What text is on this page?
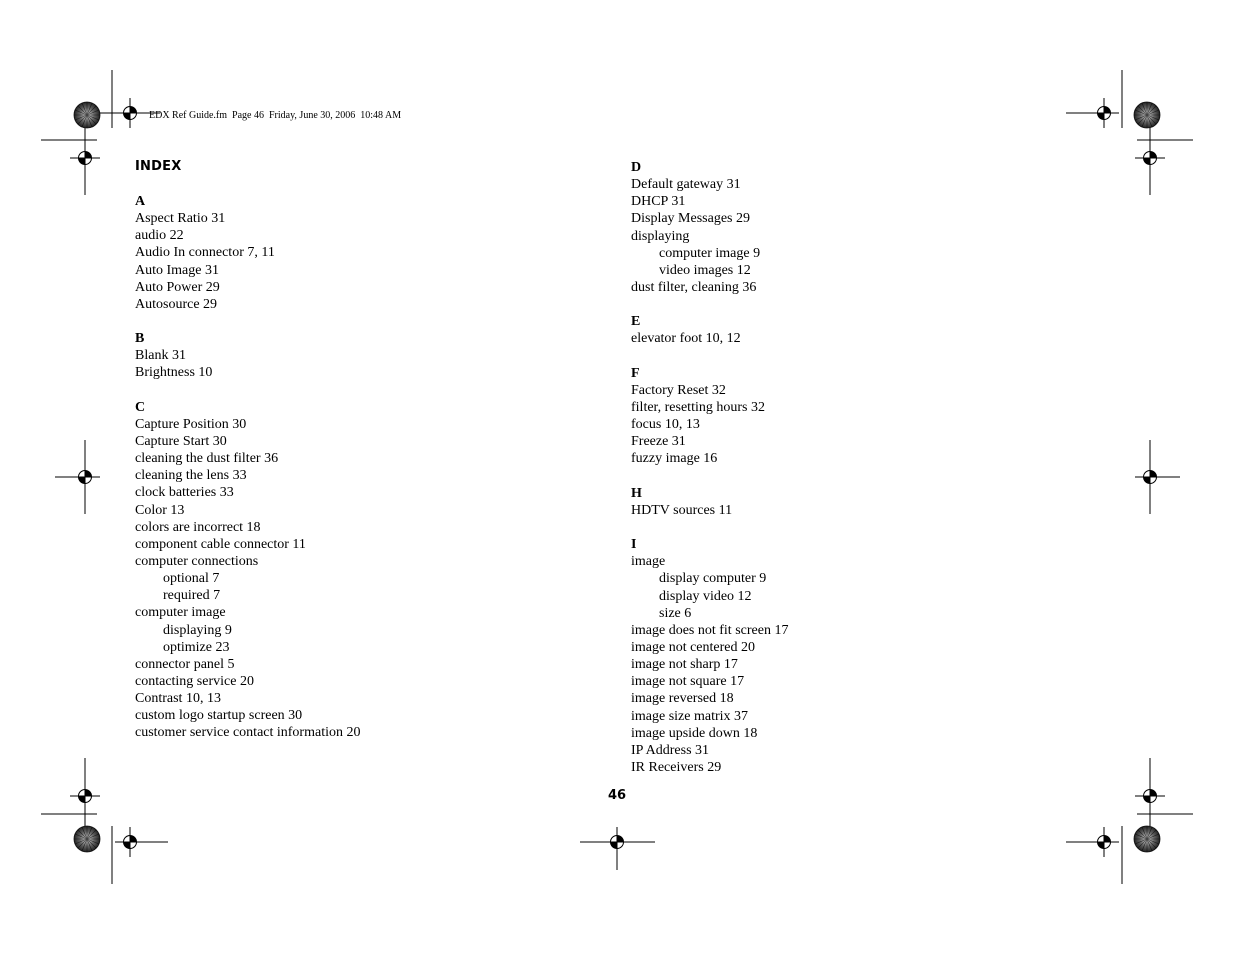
EDX Ref Guide.fm  Page 46  Friday, June 30, 2006  10:48 AM
INDEX
A
Aspect Ratio 31
audio 22
Audio In connector 7, 11
Auto Image 31
Auto Power 29
Autosource 29
B
Blank 31
Brightness 10
C
Capture Position 30
Capture Start 30
cleaning the dust filter 36
cleaning the lens 33
clock batteries 33
Color 13
colors are incorrect 18
component cable connector 11
computer connections
optional 7
required 7
computer image
displaying 9
optimize 23
connector panel 5
contacting service 20
Contrast 10, 13
custom logo startup screen 30
customer service contact information 20
D
Default gateway 31
DHCP 31
Display Messages 29
displaying
computer image 9
video images 12
dust filter, cleaning 36
E
elevator foot 10, 12
F
Factory Reset 32
filter, resetting hours 32
focus 10, 13
Freeze 31
fuzzy image 16
H
HDTV sources 11
I
image
display computer 9
display video 12
size 6
image does not fit screen 17
image not centered 20
image not sharp 17
image not square 17
image reversed 18
image size matrix 37
image upside down 18
IP Address 31
IR Receivers 29
46
